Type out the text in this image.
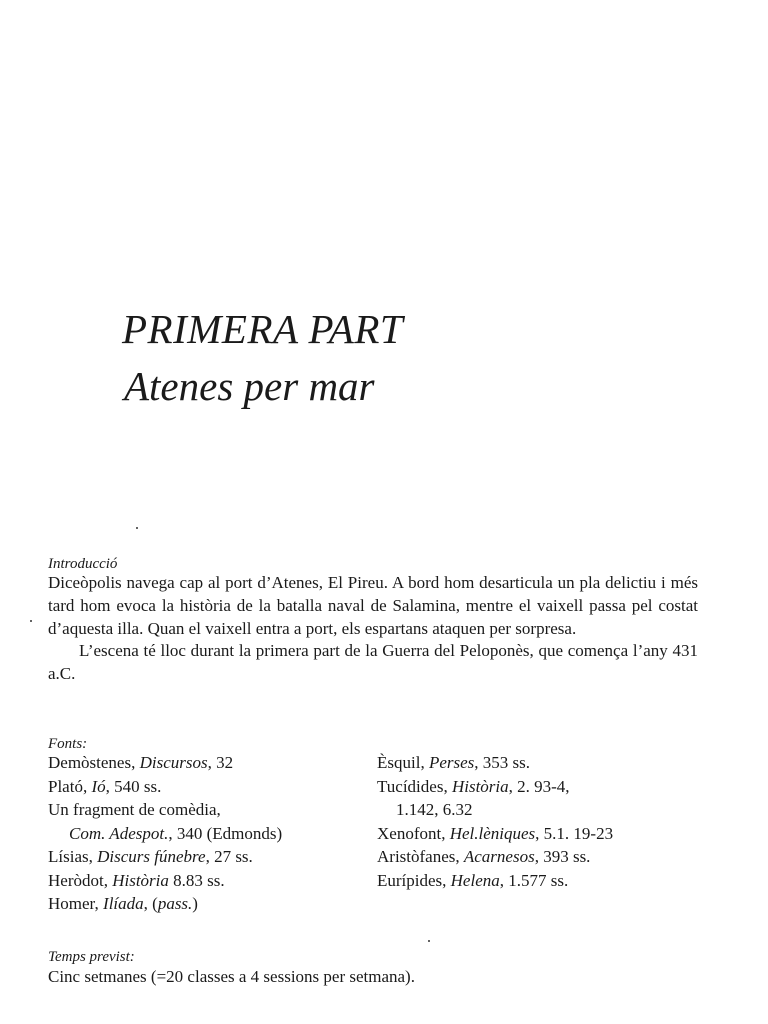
PRIMERA PART
Atenes per mar
Introducció

Diceòpolis navega cap al port d’Atenes, El Pireu. A bord hom desarticula un pla delictiu i més tard hom evoca la història de la batalla naval de Salamina, mentre el vaixell passa pel costat d’aquesta illa. Quan el vaixell entra a port, els espartans ataquen per sorpresa.

L’escena té lloc durant la primera part de la Guerra del Peloponès, que comença l’any 431 a.C.

Fonts:
Demòstenes, Discursos, 32
Plató, Ió, 540 ss.
Un fragment de comèdia,
Com. Adespot., 340 (Edmonds)
Lísias, Discurs fúnebre, 27 ss.
Heròdot, Història 8.83 ss.
Homer, Ilíada, (pass.)
Èsquil, Perses, 353 ss.
Tucídides, Història, 2. 93-4,
1.142, 6.32
Xenofont, Hel.lèniques, 5.1. 19-23
Aristòfanes, Acarnesos, 393 ss.
Eurípides, Helena, 1.577 ss.
Temps previst:
Cinc setmanes (=20 classes a 4 sessions per setmana).
